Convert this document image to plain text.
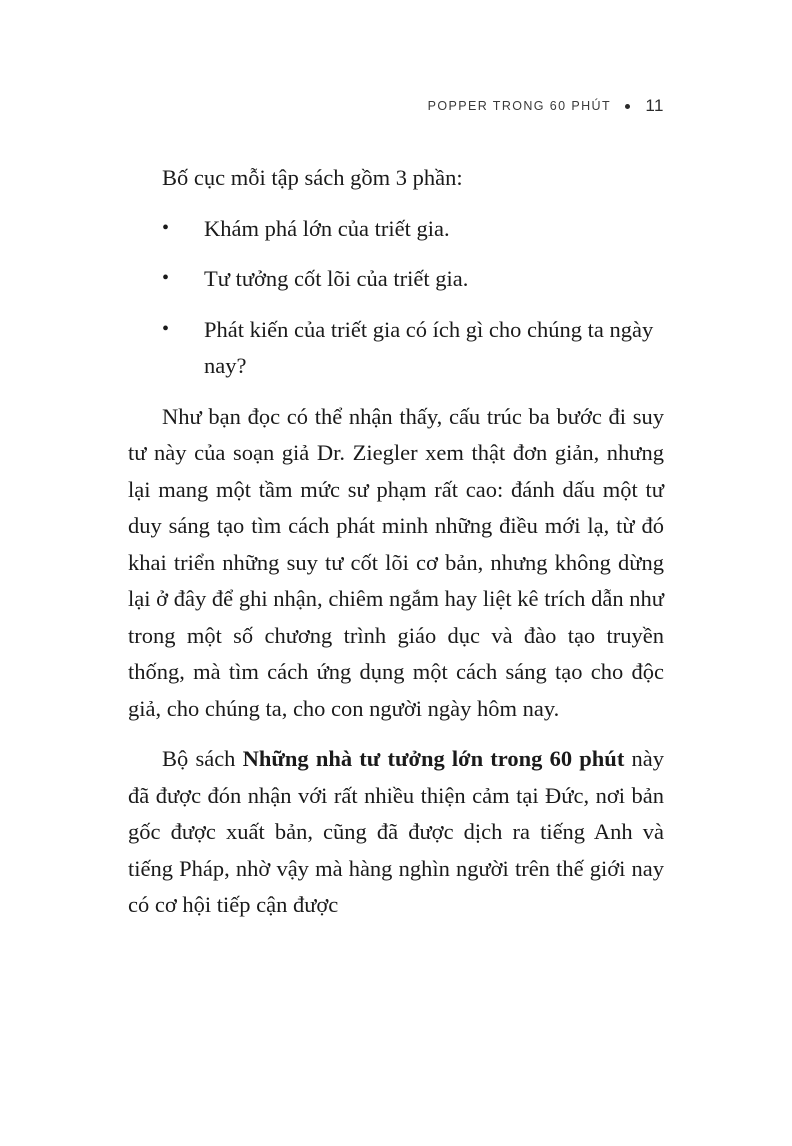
POPPER TRONG 60 PHÚT 11

Bố cục mỗi tập sách gồm 3 phần:

• Khám phá lớn của triết gia.
• Tư tưởng cốt lõi của triết gia.
• Phát kiến của triết gia có ích gì cho chúng ta ngày nay?

Như bạn đọc có thể nhận thấy, cấu trúc ba bước đi suy tư này của soạn giả Dr. Ziegler xem thật đơn giản, nhưng lại mang một tầm mức sư phạm rất cao: đánh dấu một tư duy sáng tạo tìm cách phát minh những điều mới lạ, từ đó khai triển những suy tư cốt lõi cơ bản, nhưng không dừng lại ở đây để ghi nhận, chiêm ngắm hay liệt kê trích dẫn như trong một số chương trình giáo dục và đào tạo truyền thống, mà tìm cách ứng dụng một cách sáng tạo cho độc giả, cho chúng ta, cho con người ngày hôm nay.

Bộ sách Những nhà tư tưởng lớn trong 60 phút này đã được đón nhận với rất nhiều thiện cảm tại Đức, nơi bản gốc được xuất bản, cũng đã được dịch ra tiếng Anh và tiếng Pháp, nhờ vậy mà hàng nghìn người trên thế giới nay có cơ hội tiếp cận được
